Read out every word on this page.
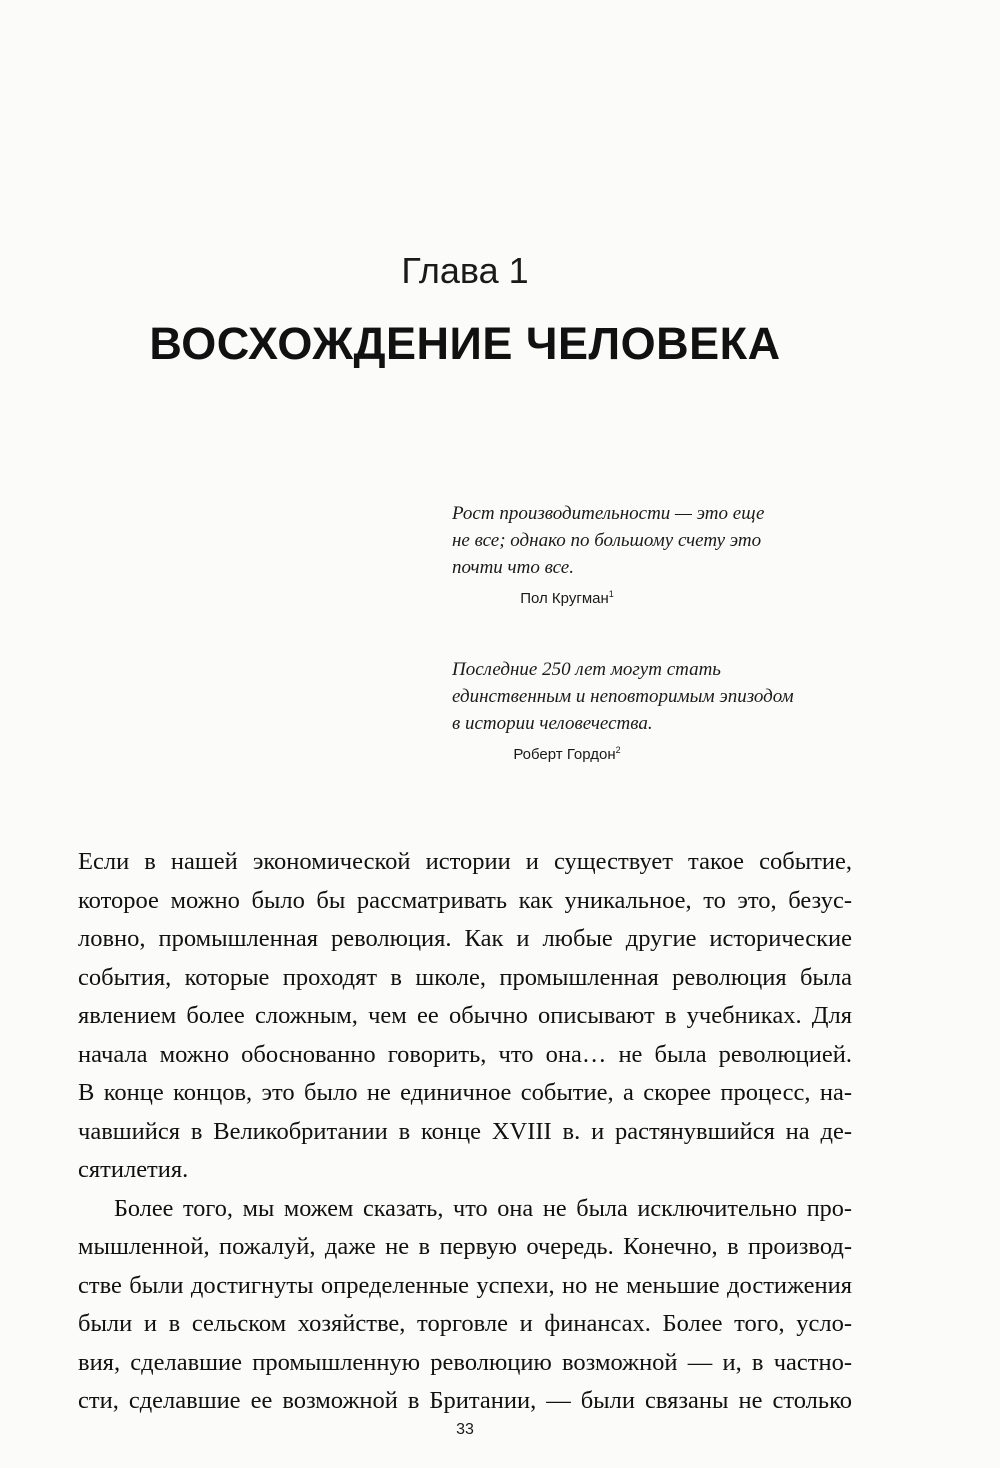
Глава 1
ВОСХОЖДЕНИЕ ЧЕЛОВЕКА

Рост производительности — это еще
не все; однако по большому счету это
почти что все.

Пол Кругман$^1$

Последние 250 лет могут стать
единственным и неповторимым эпизодом
в истории человечества.

Роберт Гордон$^2$

Если в нашей экономической истории и существует такое событие,
которое можно было бы рассматривать как уникальное, то это, безус-
ловно, промышленная революция. Как и любые другие исторические
события, которые проходят в школе, промышленная революция была
явлением более сложным, чем ее обычно описывают в учебниках. Для
начала можно обоснованно говорить, что она… не была революцией.
В конце концов, это было не единичное событие, а скорее процесс, на-
чавшийся в Великобритании в конце XVIII в. и растянувшийся на де-
сятилетия.

Более того, мы можем сказать, что она не была исключительно про-
мышленной, пожалуй, даже не в первую очередь. Конечно, в производ-
стве были достигнуты определенные успехи, но не меньшие достижения
были и в сельском хозяйстве, торговле и финансах. Более того, усло-
вия, сделавшие промышленную революцию возможной — и, в частно-
сти, сделавшие ее возможной в Британии, — были связаны не столько

33
